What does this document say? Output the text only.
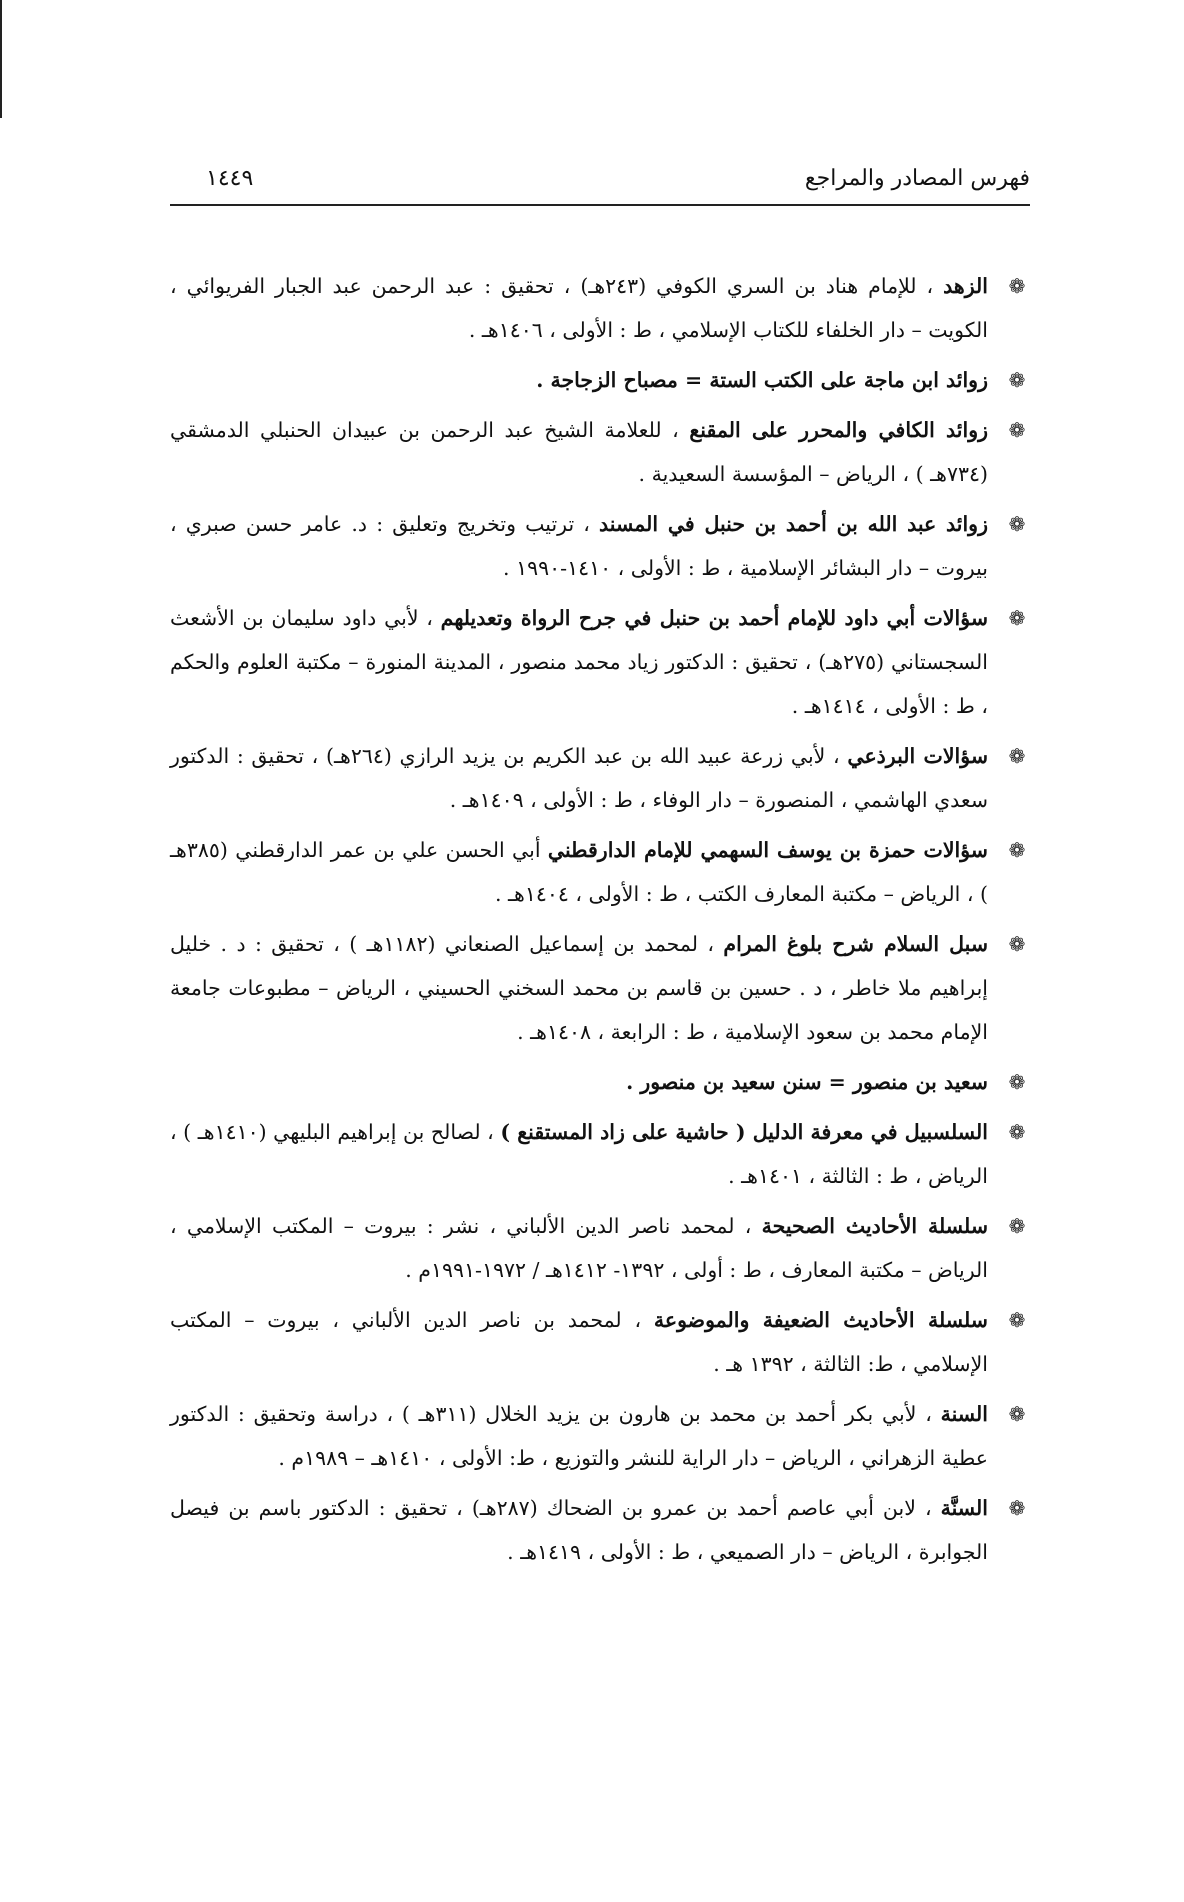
فهرس المصادر والمراجع
١٤٤٩
❁
الزهد ، للإمام هناد بن السري الكوفي (٢٤٣هـ) ، تحقيق : عبد الرحمن عبد الجبار الفريوائي ، الكويت – دار الخلفاء للكتاب الإسلامي ، ط : الأولى ، ١٤٠٦هـ .
❁
زوائد ابن ماجة على الكتب الستة = مصباح الزجاجة .
❁
زوائد الكافي والمحرر على المقنع ، للعلامة الشيخ عبد الرحمن بن عبيدان الحنبلي الدمشقي (٧٣٤هـ ) ، الرياض – المؤسسة السعيدية .
❁
زوائد عبد الله بن أحمد بن حنبل في المسند ، ترتيب وتخريج وتعليق : د. عامر حسن صبري ، بيروت – دار البشائر الإسلامية ، ط : الأولى ، ١٤١٠-١٩٩٠ .
❁
سؤالات أبي داود للإمام أحمد بن حنبل في جرح الرواة وتعديلهم ، لأبي داود سليمان بن الأشعث السجستاني (٢٧٥هـ) ، تحقيق : الدكتور زياد محمد منصور ، المدينة المنورة – مكتبة العلوم والحكم ، ط : الأولى ، ١٤١٤هـ .
❁
سؤالات البرذعي ، لأبي زرعة عبيد الله بن عبد الكريم بن يزيد الرازي (٢٦٤هـ) ، تحقيق : الدكتور سعدي الهاشمي ، المنصورة – دار الوفاء ، ط : الأولى ، ١٤٠٩هـ .
❁
سؤالات حمزة بن يوسف السهمي للإمام الدارقطني أبي الحسن علي بن عمر الدارقطني (٣٨٥هـ ) ، الرياض – مكتبة المعارف الكتب ، ط : الأولى ، ١٤٠٤هـ .
❁
سبل السلام شرح بلوغ المرام ، لمحمد بن إسماعيل الصنعاني (١١٨٢هـ ) ، تحقيق : د . خليل إبراهيم ملا خاطر ، د . حسين بن قاسم بن محمد السخني الحسيني ، الرياض – مطبوعات جامعة الإمام محمد بن سعود الإسلامية ، ط : الرابعة ، ١٤٠٨هـ .
❁
سعيد بن منصور = سنن سعيد بن منصور .
❁
السلسبيل في معرفة الدليل ( حاشية على زاد المستقنع ) ، لصالح بن إبراهيم البليهي (١٤١٠هـ ) ، الرياض ، ط : الثالثة ، ١٤٠١هـ .
❁
سلسلة الأحاديث الصحيحة ، لمحمد ناصر الدين الألباني ، نشر : بيروت – المكتب الإسلامي ، الرياض – مكتبة المعارف ، ط : أولى ، ١٣٩٢- ١٤١٢هـ / ١٩٧٢-١٩٩١م .
❁
سلسلة الأحاديث الضعيفة والموضوعة ، لمحمد بن ناصر الدين الألباني ، بيروت – المكتب الإسلامي ، ط: الثالثة ، ١٣٩٢ هـ .
❁
السنة ، لأبي بكر أحمد بن محمد بن هارون بن يزيد الخلال (٣١١هـ ) ، دراسة وتحقيق : الدكتور عطية الزهراني ، الرياض – دار الراية للنشر والتوزيع ، ط: الأولى ، ١٤١٠هـ – ١٩٨٩م .
❁
السنَّة ، لابن أبي عاصم أحمد بن عمرو بن الضحاك (٢٨٧هـ) ، تحقيق : الدكتور باسم بن فيصل الجوابرة ، الرياض – دار الصميعي ، ط : الأولى ، ١٤١٩هـ .
